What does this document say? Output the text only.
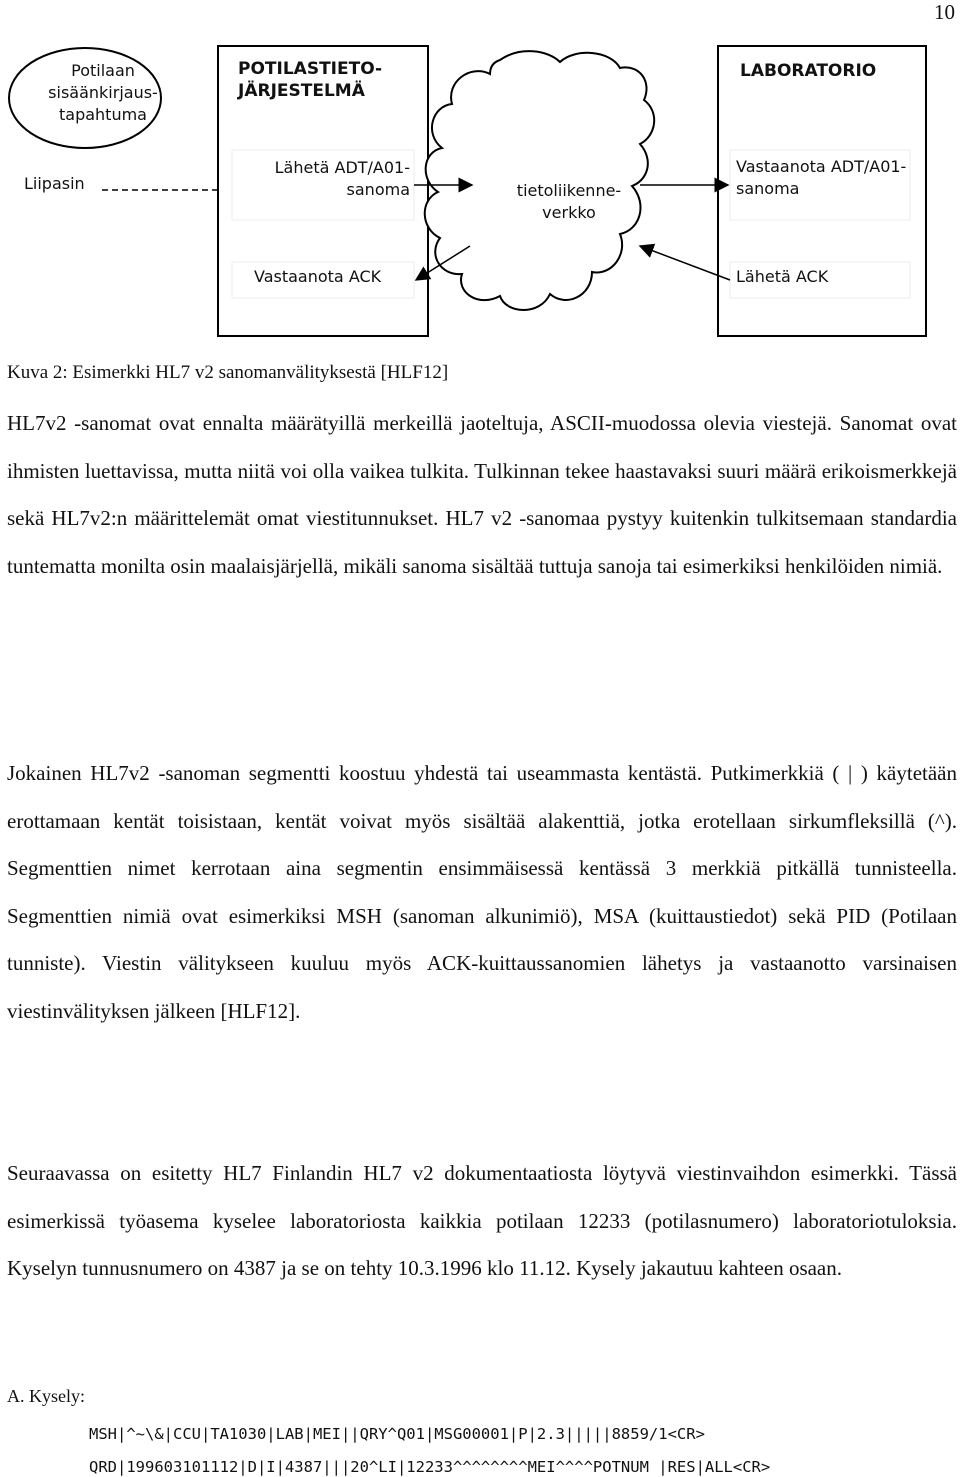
10
Potilaan sisäänkirjaus- tapahtuma
Liipasin
POTILASTIETO- JÄRJESTELMÄ
LABORATORIO
Lähetä ADT/A01-sanoma
Vastaanota ACK
tietoliikenne- verkko
Vastaanota ADT/A01-sanoma
Lähetä ACK
Kuva 2: Esimerkki HL7 v2 sanomanvälityksestä [HLF12]
HL7v2 -sanomat ovat ennalta määrätyillä merkeillä jaoteltuja, ASCII-muodossa olevia viestejä. Sanomat ovat ihmisten luettavissa, mutta niitä voi olla vaikea tulkita. Tulkinnan tekee haastavaksi suuri määrä erikoismerkkejä sekä HL7v2:n määrittelemät omat viestitunnukset. HL7 v2 -sanomaa pystyy kuitenkin tulkitsemaan standardia tuntematta monilta osin maalaisjärjellä, mikäli sanoma sisältää tuttuja sanoja tai esimerkiksi henkilöiden nimiä.
Jokainen HL7v2 -sanoman segmentti koostuu yhdestä tai useammasta kentästä. Putkimerkkiä ( | ) käytetään erottamaan kentät toisistaan, kentät voivat myös sisältää alakenttiä, jotka erotellaan sirkumfleksillä (^). Segmenttien nimet kerrotaan aina segmentin ensimmäisessä kentässä 3 merkkiä pitkällä tunnisteella. Segmenttien nimiä ovat esimerkiksi MSH (sanoman alkunimiö), MSA (kuittaustiedot) sekä PID (Potilaan tunniste). Viestin välitykseen kuuluu myös ACK-kuittaussanomien lähetys ja vastaanotto varsinaisen viestinvälityksen jälkeen [HLF12].
Seuraavassa on esitetty HL7 Finlandin HL7 v2 dokumentaatiosta löytyvä viestinvaihdon esimerkki. Tässä esimerkissä työasema kyselee laboratoriosta kaikkia potilaan 12233 (potilasnumero) laboratoriotuloksia. Kyselyn tunnusnumero on 4387 ja se on tehty 10.3.1996 klo 11.12. Kysely jakautuu kahteen osaan.
A. Kysely:
MSH|^~\&|CCU|TA1030|LAB|MEI||QRY^Q01|MSG00001|P|2.3|||||8859/1<CR>
QRD|199603101112|D|I|4387|||20^LI|12233^^^^^^^^MEI^^^^POTNUM |RES|ALL<CR>
